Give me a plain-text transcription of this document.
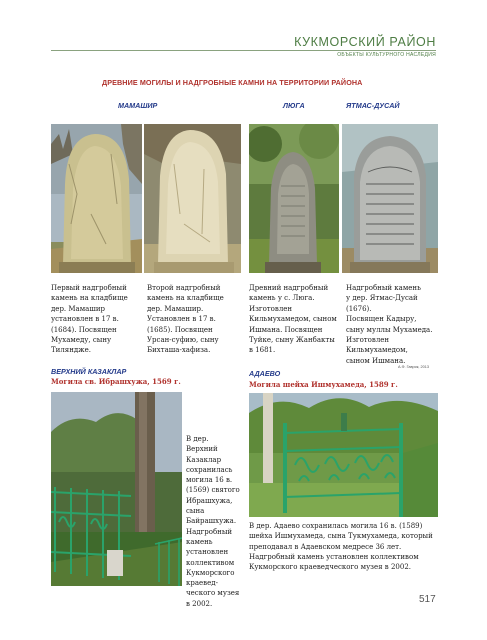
КУКМОРСКИЙ РАЙОН
ОБЪЕКТЫ КУЛЬТУРНОГО НАСЛЕДИЯ
ДРЕВНИЕ МОГИЛЫ И НАДГРОБНЫЕ КАМНИ НА ТЕРРИТОРИИ РАЙОНА
МАМАШИР	ЛЮГА	ЯТМАС-ДУСАЙ
Первый надгробный
камень на кладбище
дер. Мамашир
установлен в 17 в.
(1684). Посвящен
Мухамеду, сыну
Тиляндже.
Второй надгробный
камень на кладбище
дер. Мамашир.
Установлен в 17 в.
(1685). Посвящен
Урсан-суфию, сыну
Бихташа-хафиза.
Древний надгробный
камень у с. Люга.
Изготовлен
Кильмухамедом, сыном
Ишмана. Посвящен
Туйке, сыну Жанбакты
в 1681.
Надгробный камень
у дер. Ятмас-Дусай (1676).
Посвящен Кадыру,
сыну муллы Мухамеда.
Изготовлен
Кильмухамедом,
сыном Ишмана.
А.Ф. Гаврик, 2013
ВЕРХНИЙ КАЗАКЛАР
Могила св. Ибрашхужа, 1569 г.
В дер.
Верхний
Казаклар
сохранилась
могила 16 в.
(1569) святого
Ибрашхужа,
сына
Байрашхужа.
Надгробный
камень
установлен
коллективом
Кукморского
краевед-
ческого музея
в 2002.
АДАЕВО
Могила шейха Ишмухамеда, 1589 г.
В дер. Адаево сохранилась могила 16 в. (1589)
шейха Ишмухамеда, сына Тукмухамеда, который
преподавал в Адаевском медресе 36 лет.
Надгробный камень установлен коллективом
Кукморского краеведческого музея в 2002.
517
